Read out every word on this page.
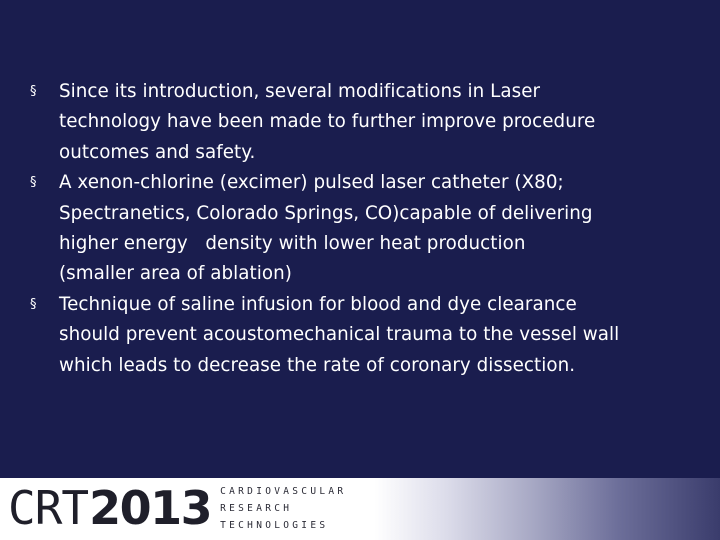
§	Since its introduction, several modifications in Laser
technology have been made to further improve procedure
outcomes and safety.
§	A xenon-chlorine (excimer) pulsed laser catheter (X80;
Spectranetics, Colorado Springs, CO)capable of delivering
higher energy   density with lower heat production
(smaller area of ablation)
§	Technique of saline infusion for blood and dye clearance
should prevent acoustomechanical trauma to the vessel wall
which leads to decrease the rate of coronary dissection.
CRT 2013 CARDIOVASCULAR
RESEARCH
TECHNOLOGIES
